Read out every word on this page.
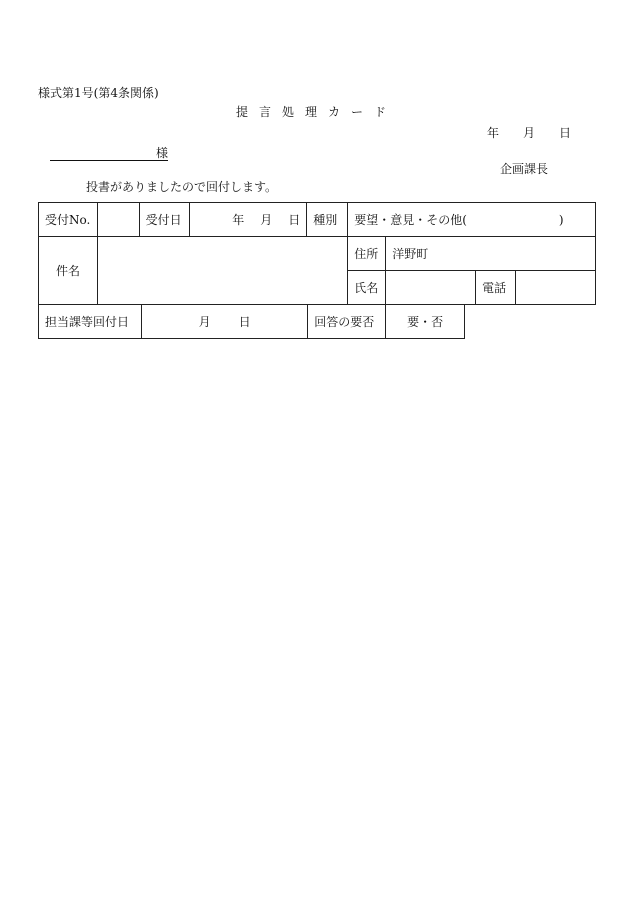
様式第1号(第4条関係)
提言処理カード
年 月 日
様
企画課長
投書がありましたので回付します。
受付No.		受付日	年 月 日	種別	要望・意見・その他( )			
件名					住所	洋野町		
					氏名		電話	
担当課等回付日	月 日	回答の要否	要・否
